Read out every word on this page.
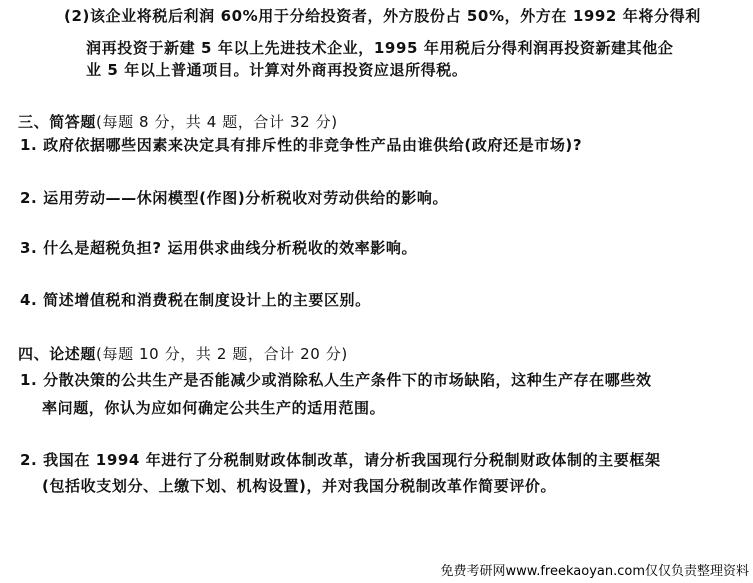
(2)该企业将税后利润 60%用于分给投资者，外方股份占 50%，外方在 1992 年将分得利
润再投资于新建 5 年以上先进技术企业，1995 年用税后分得利润再投资新建其他企
业 5 年以上普通项目。计算对外商再投资应退所得税。
三、简答题(每题 8 分，共 4 题，合计 32 分)
1. 政府依据哪些因素来决定具有排斥性的非竞争性产品由谁供给(政府还是市场)?
2. 运用劳动——休闲模型(作图)分析税收对劳动供给的影响。
3. 什么是超税负担? 运用供求曲线分析税收的效率影响。
4. 简述增值税和消费税在制度设计上的主要区别。
四、论述题(每题 10 分，共 2 题，合计 20 分)
1. 分散决策的公共生产是否能减少或消除私人生产条件下的市场缺陷，这种生产存在哪些效
率问题，你认为应如何确定公共生产的适用范围。
2. 我国在 1994 年进行了分税制财政体制改革，请分析我国现行分税制财政体制的主要框架
(包括收支划分、上缴下划、机构设置)，并对我国分税制改革作简要评价。
免费考研网www.freekaoyan.com仅仅负责整理资料
